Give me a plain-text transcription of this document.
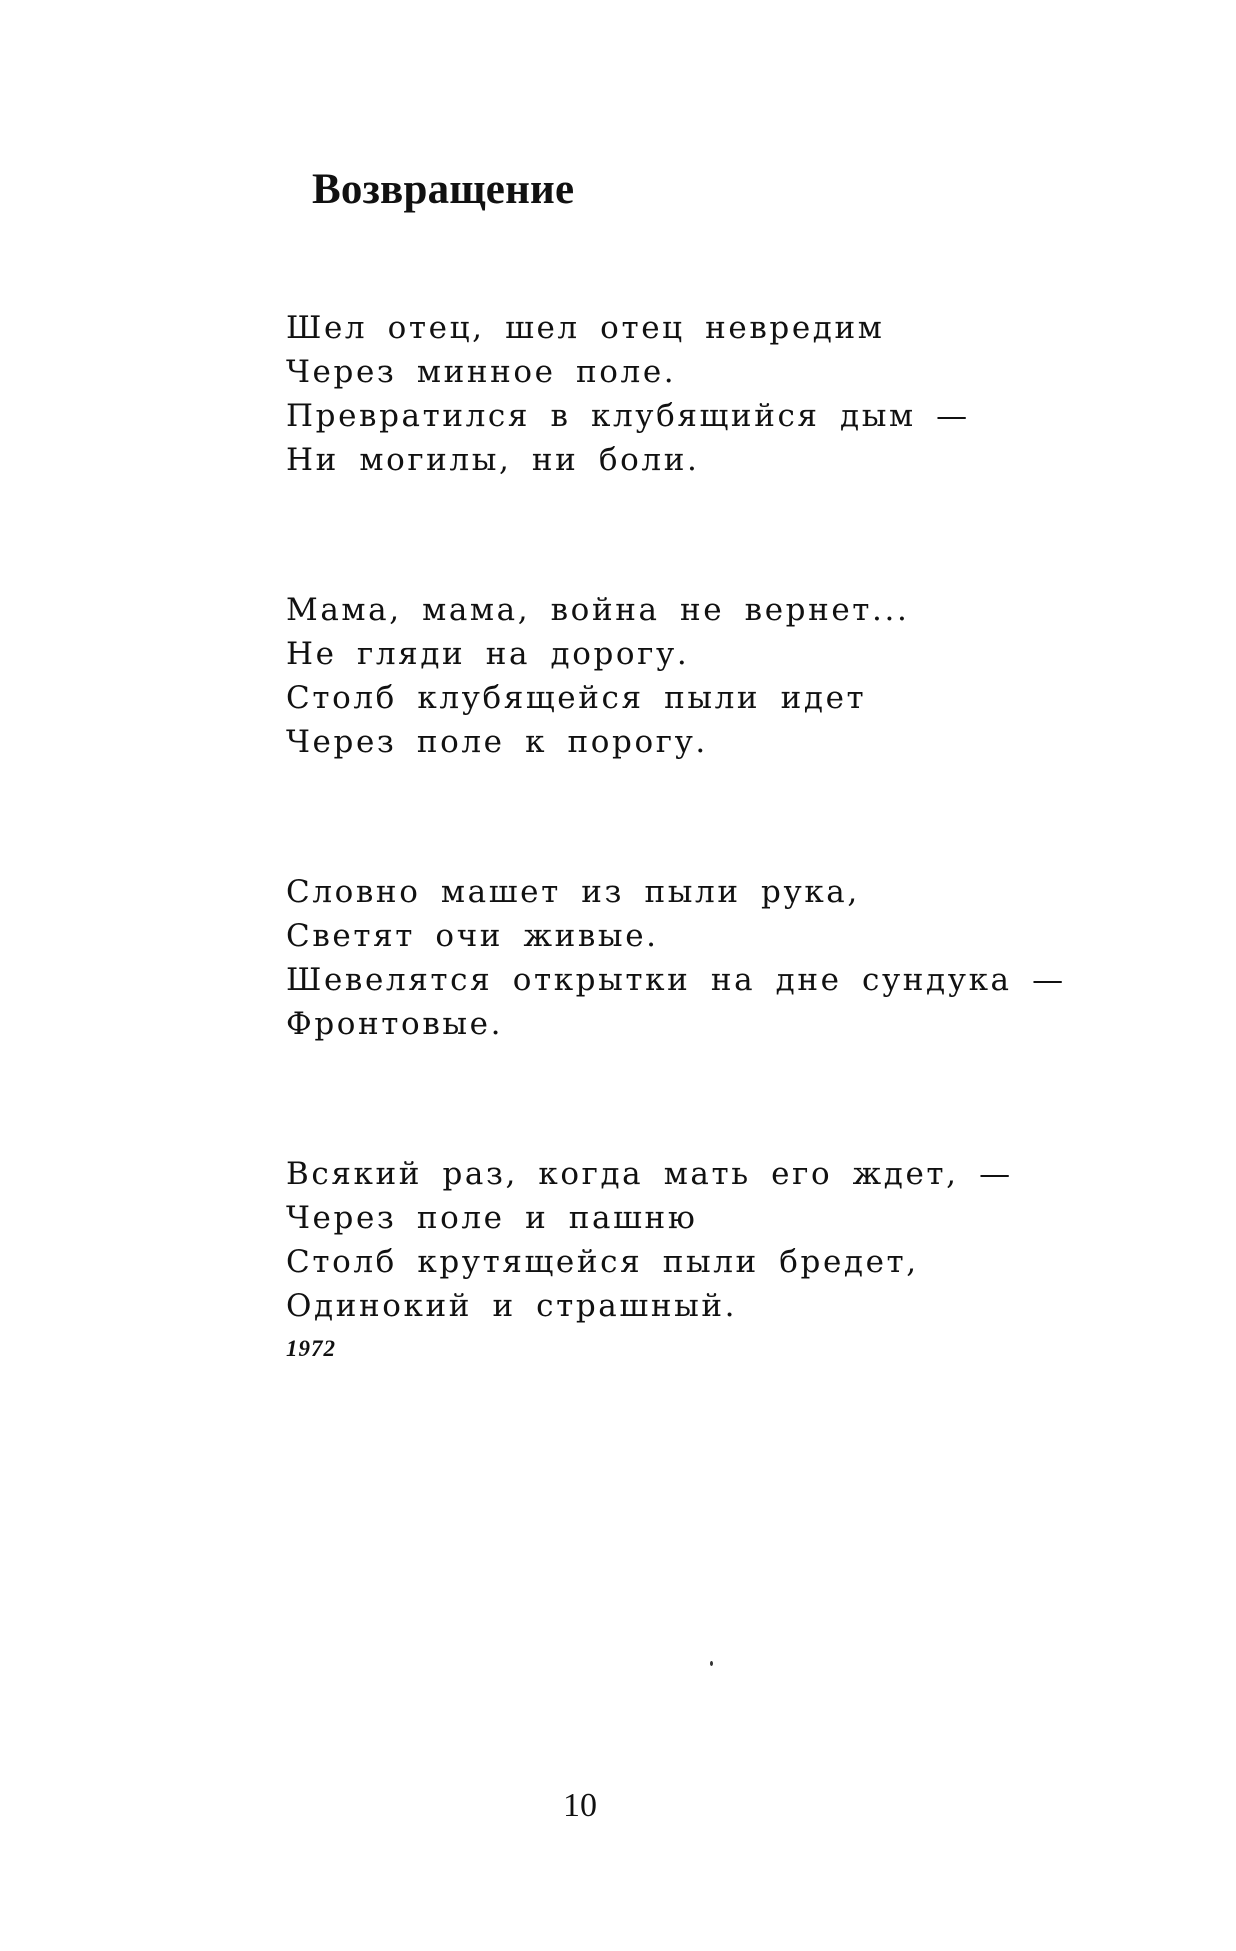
Возвращение

Шел отец, шел отец невредим
Через минное поле.
Превратился в клубящийся дым —
Ни могилы, ни боли.

Мама, мама, война не вернет...
Не гляди на дорогу.
Столб клубящейся пыли идет
Через поле к порогу.

Словно машет из пыли рука,
Светят очи живые.
Шевелятся открытки на дне сундука —
Фронтовые.

Всякий раз, когда мать его ждет, —
Через поле и пашню
Столб крутящейся пыли бредет,
Одинокий и страшный.
1972

10
